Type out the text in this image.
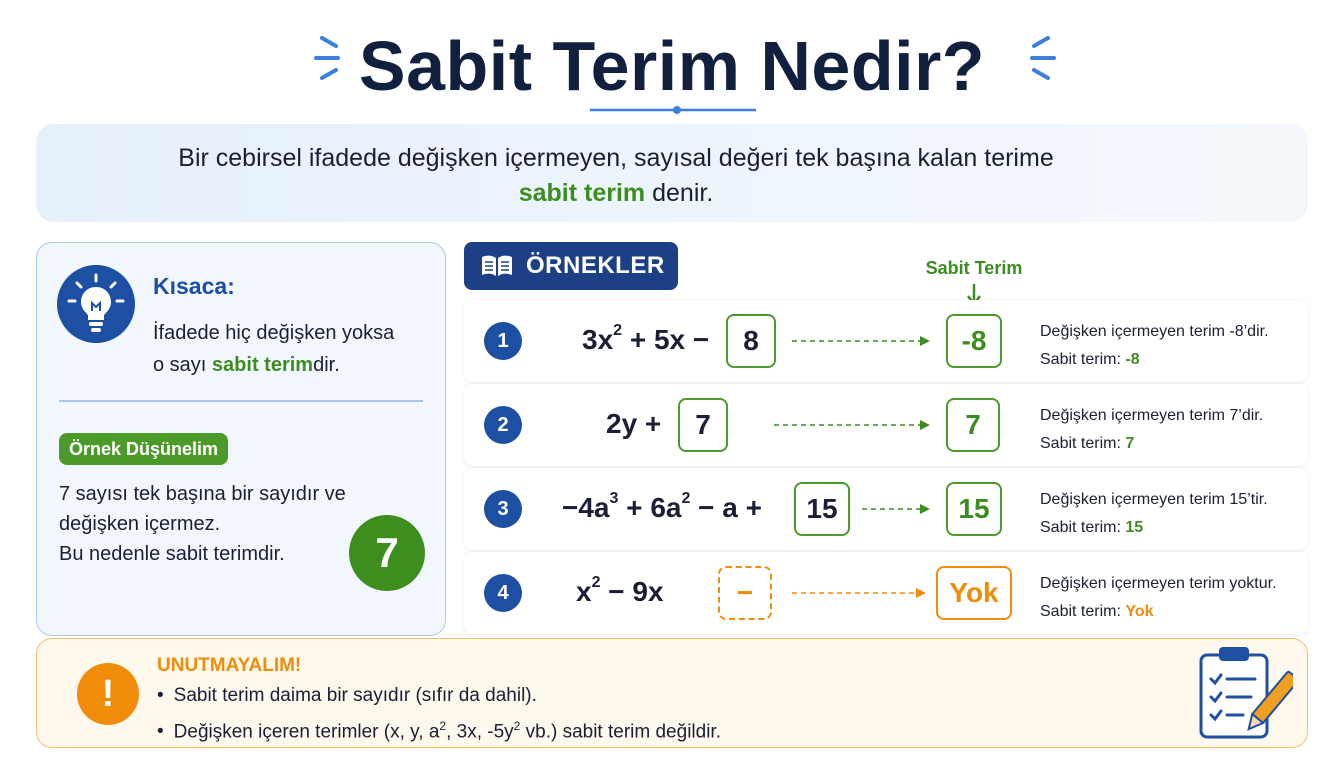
Sabit Terim Nedir?

Bir cebirsel ifadede değişken içermeyen, sayısal değeri tek başına kalan terime

sabit terim denir.

Kısaca:
İfadede hiç değişken yoksa
o sayı sabit terimdir.
Örnek Düşünelim
7 sayısı tek başına bir sayıdır ve
değişken içermez.
Bu nedenle sabit terimdir.	7
ÖRNEKLER	Sabit Terim
1	$3x^2 + 5x$ −	8	-8	Değişken içermeyen terim -8’dir.
Sabit terim: -8
2	2y +	7	7	Değişken içermeyen terim 7’dir.
Sabit terim: 7
3	$-4a^3 + 6a^2 - a$ +	15	15	Değişken içermeyen terim 15’tir.
Sabit terim: 15
4	$x^2 - 9x$	−	Yok	Değişken içermeyen terim yoktur.
Sabit terim: Yok
!
UNUTMAYALIM!
• Sabit terim daima bir sayıdır (sıfır da dahil).
• Değişken içeren terimler (x, y, $a^2$, 3x, $-5y^2$ vb.) sabit terim değildir.
